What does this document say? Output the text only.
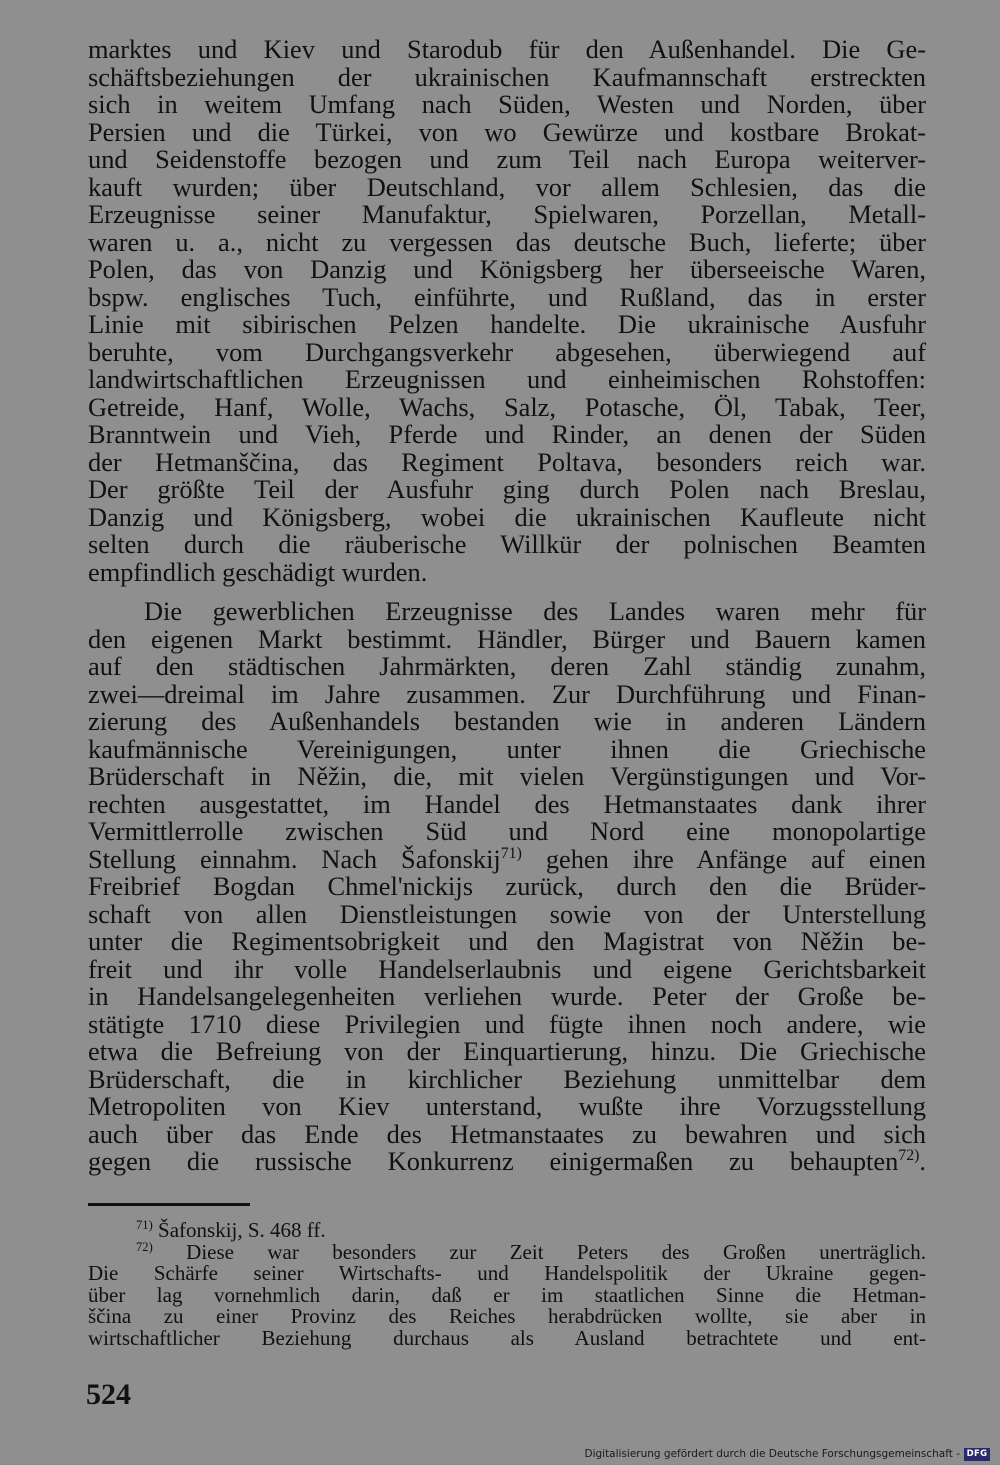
marktes und Kiev und Starodub für den Außenhandel. Die Ge-
schäftsbeziehungen der ukrainischen Kaufmannschaft erstreckten
sich in weitem Umfang nach Süden, Westen und Norden, über
Persien und die Türkei, von wo Gewürze und kostbare Brokat-
und Seidenstoffe bezogen und zum Teil nach Europa weiterver-
kauft wurden; über Deutschland, vor allem Schlesien, das die
Erzeugnisse seiner Manufaktur, Spielwaren, Porzellan, Metall-
waren u. a., nicht zu vergessen das deutsche Buch, lieferte; über
Polen, das von Danzig und Königsberg her überseeische Waren,
bspw. englisches Tuch, einführte, und Rußland, das in erster
Linie mit sibirischen Pelzen handelte. Die ukrainische Ausfuhr
beruhte, vom Durchgangsverkehr abgesehen, überwiegend auf
landwirtschaftlichen Erzeugnissen und einheimischen Rohstoffen:
Getreide, Hanf, Wolle, Wachs, Salz, Potasche, Öl, Tabak, Teer,
Branntwein und Vieh, Pferde und Rinder, an denen der Süden
der Hetmanščina, das Regiment Poltava, besonders reich war.
Der größte Teil der Ausfuhr ging durch Polen nach Breslau,
Danzig und Königsberg, wobei die ukrainischen Kaufleute nicht
selten durch die räuberische Willkür der polnischen Beamten
empfindlich geschädigt wurden.
Die gewerblichen Erzeugnisse des Landes waren mehr für
den eigenen Markt bestimmt. Händler, Bürger und Bauern kamen
auf den städtischen Jahrmärkten, deren Zahl ständig zunahm,
zwei—dreimal im Jahre zusammen. Zur Durchführung und Finan-
zierung des Außenhandels bestanden wie in anderen Ländern
kaufmännische Vereinigungen, unter ihnen die Griechische
Brüderschaft in Něžin, die, mit vielen Vergünstigungen und Vor-
rechten ausgestattet, im Handel des Hetmanstaates dank ihrer
Vermittlerrolle zwischen Süd und Nord eine monopolartige
Stellung einnahm. Nach Šafonskij$^{71)}$ gehen ihre Anfänge auf einen
Freibrief Bogdan Chmel'nickijs zurück, durch den die Brüder-
schaft von allen Dienstleistungen sowie von der Unterstellung
unter die Regimentsobrigkeit und den Magistrat von Něžin be-
freit und ihr volle Handelserlaubnis und eigene Gerichtsbarkeit
in Handelsangelegenheiten verliehen wurde. Peter der Große be-
stätigte 1710 diese Privilegien und fügte ihnen noch andere, wie
etwa die Befreiung von der Einquartierung, hinzu. Die Griechische
Brüderschaft, die in kirchlicher Beziehung unmittelbar dem
Metropoliten von Kiev unterstand, wußte ihre Vorzugsstellung
auch über das Ende des Hetmanstaates zu bewahren und sich
gegen die russische Konkurrenz einigermaßen zu behaupten$^{72)}$.
$^{71)}$ Šafonskij, S. 468 ff.
$^{72)}$ Diese war besonders zur Zeit Peters des Großen unerträglich.
Die Schärfe seiner Wirtschafts- und Handelspolitik der Ukraine gegen-
über lag vornehmlich darin, daß er im staatlichen Sinne die Hetman-
ščina zu einer Provinz des Reiches herabdrücken wollte, sie aber in
wirtschaftlicher Beziehung durchaus als Ausland betrachtete und ent-
524
Digitalisierung gefördert durch die Deutsche Forschungsgemeinschaft - DFG
